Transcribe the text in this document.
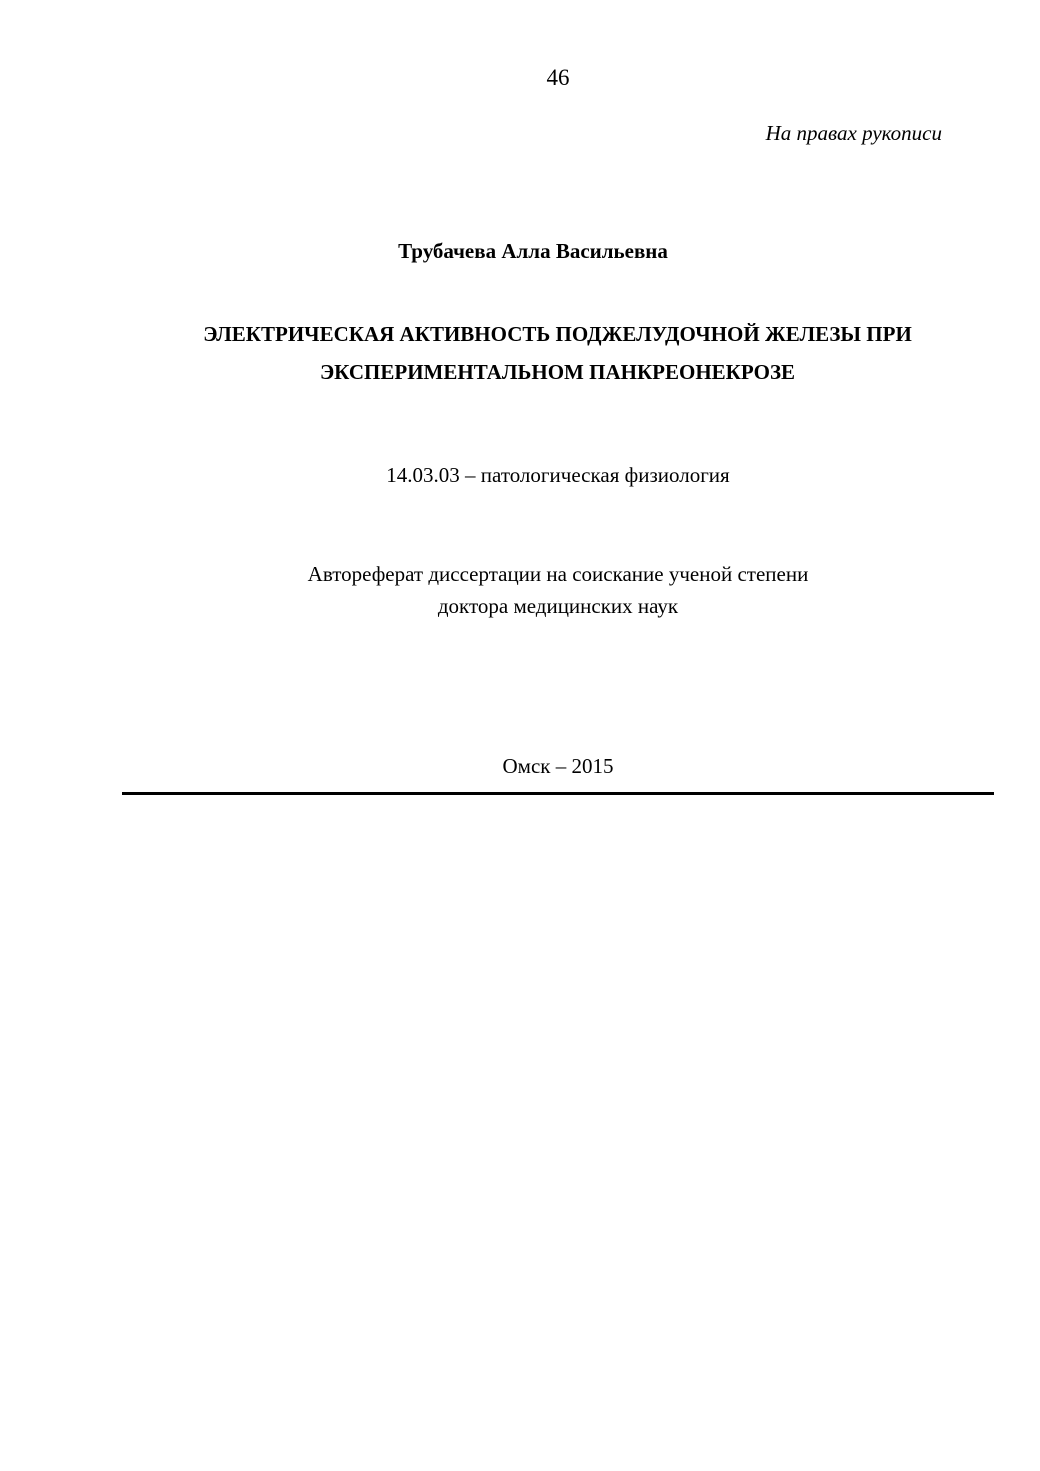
46
На правах рукописи
Трубачева Алла Васильевна
ЭЛЕКТРИЧЕСКАЯ АКТИВНОСТЬ ПОДЖЕЛУДОЧНОЙ ЖЕЛЕЗЫ ПРИ
ЭКСПЕРИМЕНТАЛЬНОМ ПАНКРЕОНЕКРОЗЕ
14.03.03 – патологическая физиология
Автореферат диссертации на соискание ученой степени
доктора медицинских наук
Омск – 2015
